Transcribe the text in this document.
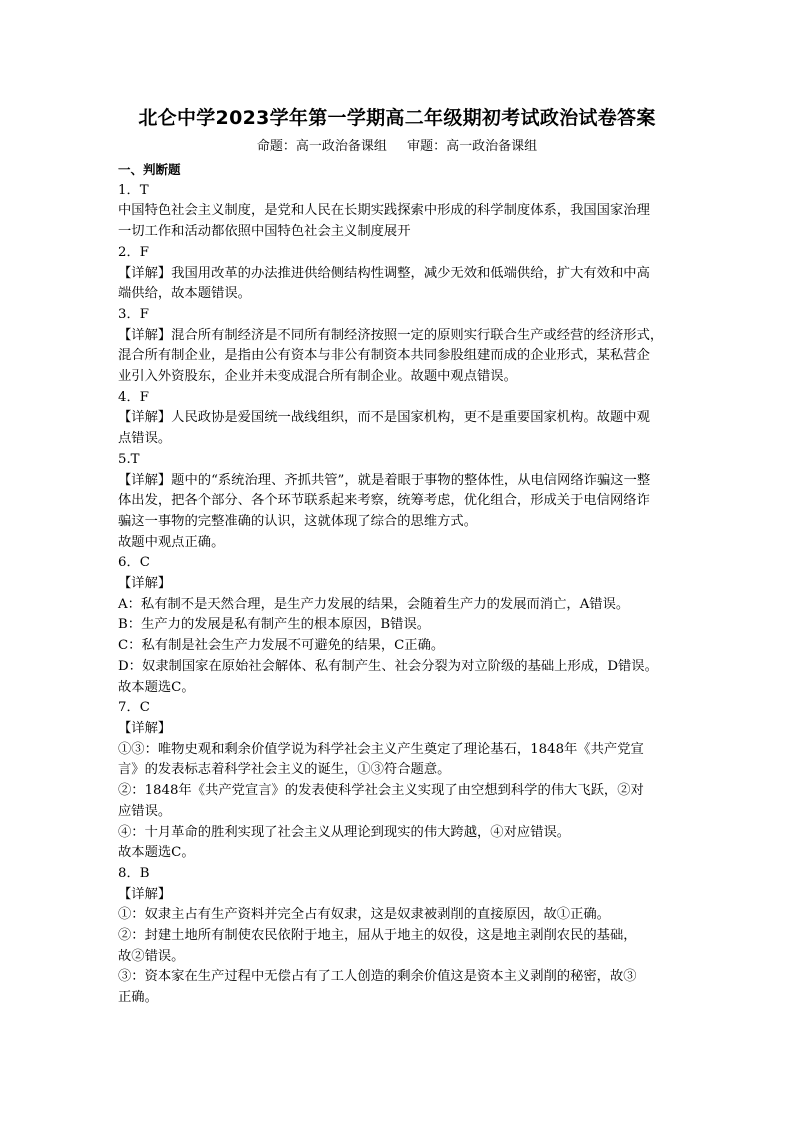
北仑中学2023学年第一学期高二年级期初考试政治试卷答案
命题：高一政治备课组 审题：高一政治备课组
一、判断题
1．T
中国特色社会主义制度，是党和人民在长期实践探索中形成的科学制度体系，我国国家治理
一切工作和活动都依照中国特色社会主义制度展开
2．F
【详解】我国用改革的办法推进供给侧结构性调整，减少无效和低端供给，扩大有效和中高
端供给，故本题错误。
3．F
【详解】混合所有制经济是不同所有制经济按照一定的原则实行联合生产或经营的经济形式，
混合所有制企业，是指由公有资本与非公有制资本共同参股组建而成的企业形式，某私营企
业引入外资股东，企业并未变成混合所有制企业。故题中观点错误。
4．F
【详解】人民政协是爱国统一战线组织，而不是国家机构，更不是重要国家机构。故题中观
点错误。
5.T
【详解】题中的“系统治理、齐抓共管”，就是着眼于事物的整体性，从电信网络诈骗这一整
体出发，把各个部分、各个环节联系起来考察，统筹考虑，优化组合，形成关于电信网络诈
骗这一事物的完整准确的认识，这就体现了综合的思维方式。
故题中观点正确。
6．C
【详解】
A：私有制不是天然合理，是生产力发展的结果，会随着生产力的发展而消亡，A错误。
B：生产力的发展是私有制产生的根本原因，B错误。
C：私有制是社会生产力发展不可避免的结果，C正确。
D：奴隶制国家在原始社会解体、私有制产生、社会分裂为对立阶级的基础上形成，D错误。
故本题选C。
7．C
【详解】
①③：唯物史观和剩余价值学说为科学社会主义产生奠定了理论基石，1848年《共产党宣
言》的发表标志着科学社会主义的诞生，①③符合题意。
②：1848年《共产党宣言》的发表使科学社会主义实现了由空想到科学的伟大飞跃，②对
应错误。
④：十月革命的胜利实现了社会主义从理论到现实的伟大跨越，④对应错误。
故本题选C。
8．B
【详解】
①：奴隶主占有生产资料并完全占有奴隶，这是奴隶被剥削的直接原因，故①正确。
②：封建土地所有制使农民依附于地主，屈从于地主的奴役，这是地主剥削农民的基础，
故②错误。
③：资本家在生产过程中无偿占有了工人创造的剩余价值这是资本主义剥削的秘密，故③
正确。
